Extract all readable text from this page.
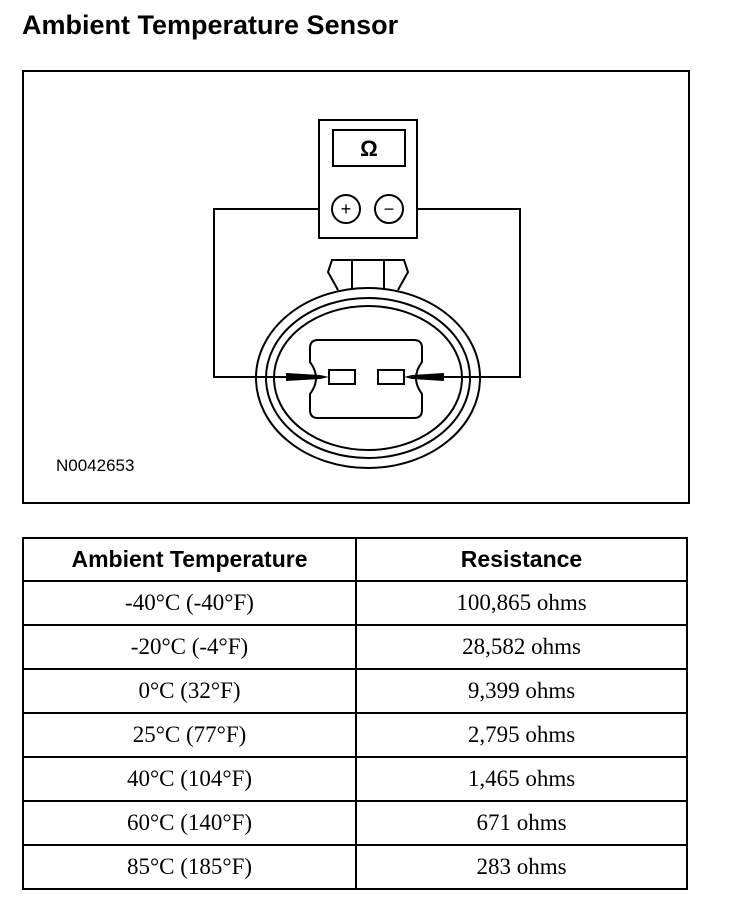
Ambient Temperature Sensor
Ω
+ −
N0042653
Ambient Temperature	Resistance
-40°C (-40°F)	100,865 ohms
-20°C (-4°F)	28,582 ohms
0°C (32°F)	9,399 ohms
25°C (77°F)	2,795 ohms
40°C (104°F)	1,465 ohms
60°C (140°F)	671 ohms
85°C (185°F)	283 ohms
